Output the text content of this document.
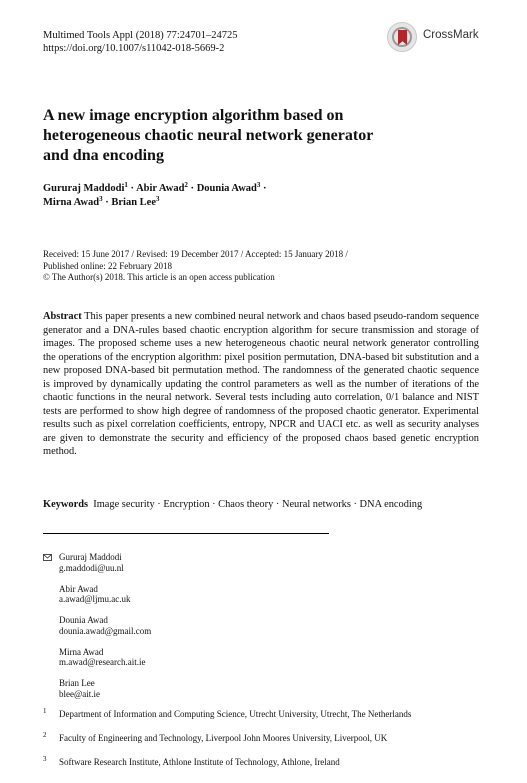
Multimed Tools Appl (2018) 77:24701–24725
https://doi.org/10.1007/s11042-018-5669-2
CrossMark
A new image encryption algorithm based on heterogeneous chaotic neural network generator and dna encoding
Gururaj Maddodi$^1$ · Abir Awad$^2$ · Dounia Awad$^3$ ·
Mirna Awad$^3$ · Brian Lee$^3$
Received: 15 June 2017 / Revised: 19 December 2017 / Accepted: 15 January 2018 /
Published online: 22 February 2018
© The Author(s) 2018. This article is an open access publication
Abstract This paper presents a new combined neural network and chaos based pseudo-random sequence generator and a DNA-rules based chaotic encryption algorithm for secure transmission and storage of images. The proposed scheme uses a new heterogeneous chaotic neural network generator controlling the operations of the encryption algorithm: pixel position permutation, DNA-based bit substitution and a new proposed DNA-based bit permutation method. The randomness of the generated chaotic sequence is improved by dynamically updating the control parameters as well as the number of iterations of the chaotic functions in the neural network. Several tests including auto correlation, 0/1 balance and NIST tests are performed to show high degree of randomness of the proposed chaotic generator. Experimental results such as pixel correlation coefficients, entropy, NPCR and UACI etc. as well as security analyses are given to demonstrate the security and efficiency of the proposed chaos based genetic encryption method.
Keywords Image security · Encryption · Chaos theory · Neural networks · DNA encoding
Gururaj Maddodi
g.maddodi@uu.nl
Abir Awad
a.awad@ljmu.ac.uk
Dounia Awad
dounia.awad@gmail.com
Mirna Awad
m.awad@research.ait.ie
Brian Lee
blee@ait.ie
1 Department of Information and Computing Science, Utrecht University, Utrecht, The Netherlands
2 Faculty of Engineering and Technology, Liverpool John Moores University, Liverpool, UK
3 Software Research Institute, Athlone Institute of Technology, Athlone, Ireland
